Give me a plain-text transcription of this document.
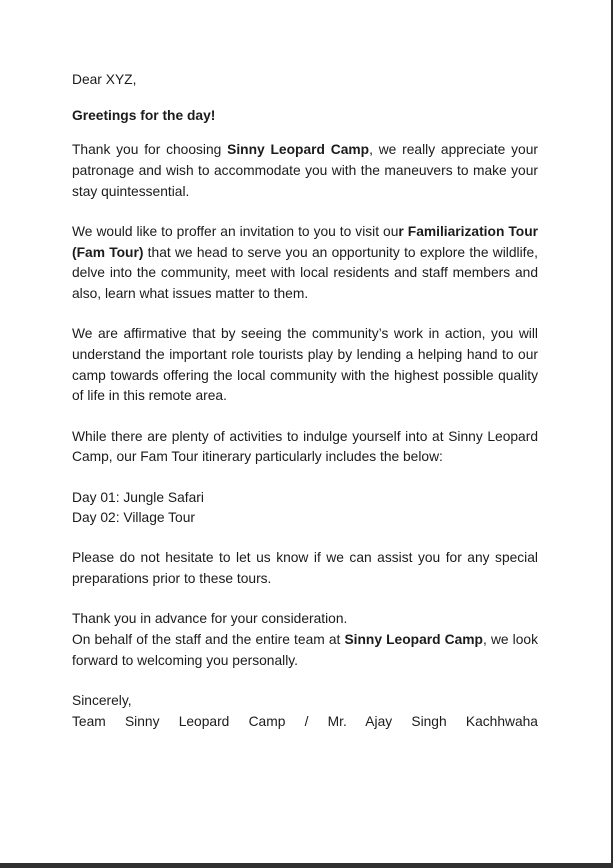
Dear XYZ,
Greetings for the day!
Thank you for choosing Sinny Leopard Camp, we really appreciate your patronage and wish to accommodate you with the maneuvers to make your stay quintessential.
We would like to proffer an invitation to you to visit our Familiarization Tour (Fam Tour) that we head to serve you an opportunity to explore the wildlife, delve into the community, meet with local residents and staff members and also, learn what issues matter to them.
We are affirmative that by seeing the community’s work in action, you will understand the important role tourists play by lending a helping hand to our camp towards offering the local community with the highest possible quality of life in this remote area.
While there are plenty of activities to indulge yourself into at Sinny Leopard Camp, our Fam Tour itinerary particularly includes the below:
Day 01: Jungle Safari
Day 02: Village Tour
Please do not hesitate to let us know if we can assist you for any special preparations prior to these tours.
Thank you in advance for your consideration.
On behalf of the staff and the entire team at Sinny Leopard Camp, we look forward to welcoming you personally.
Sincerely,
Team Sinny Leopard Camp / Mr. Ajay Singh Kachhwaha
